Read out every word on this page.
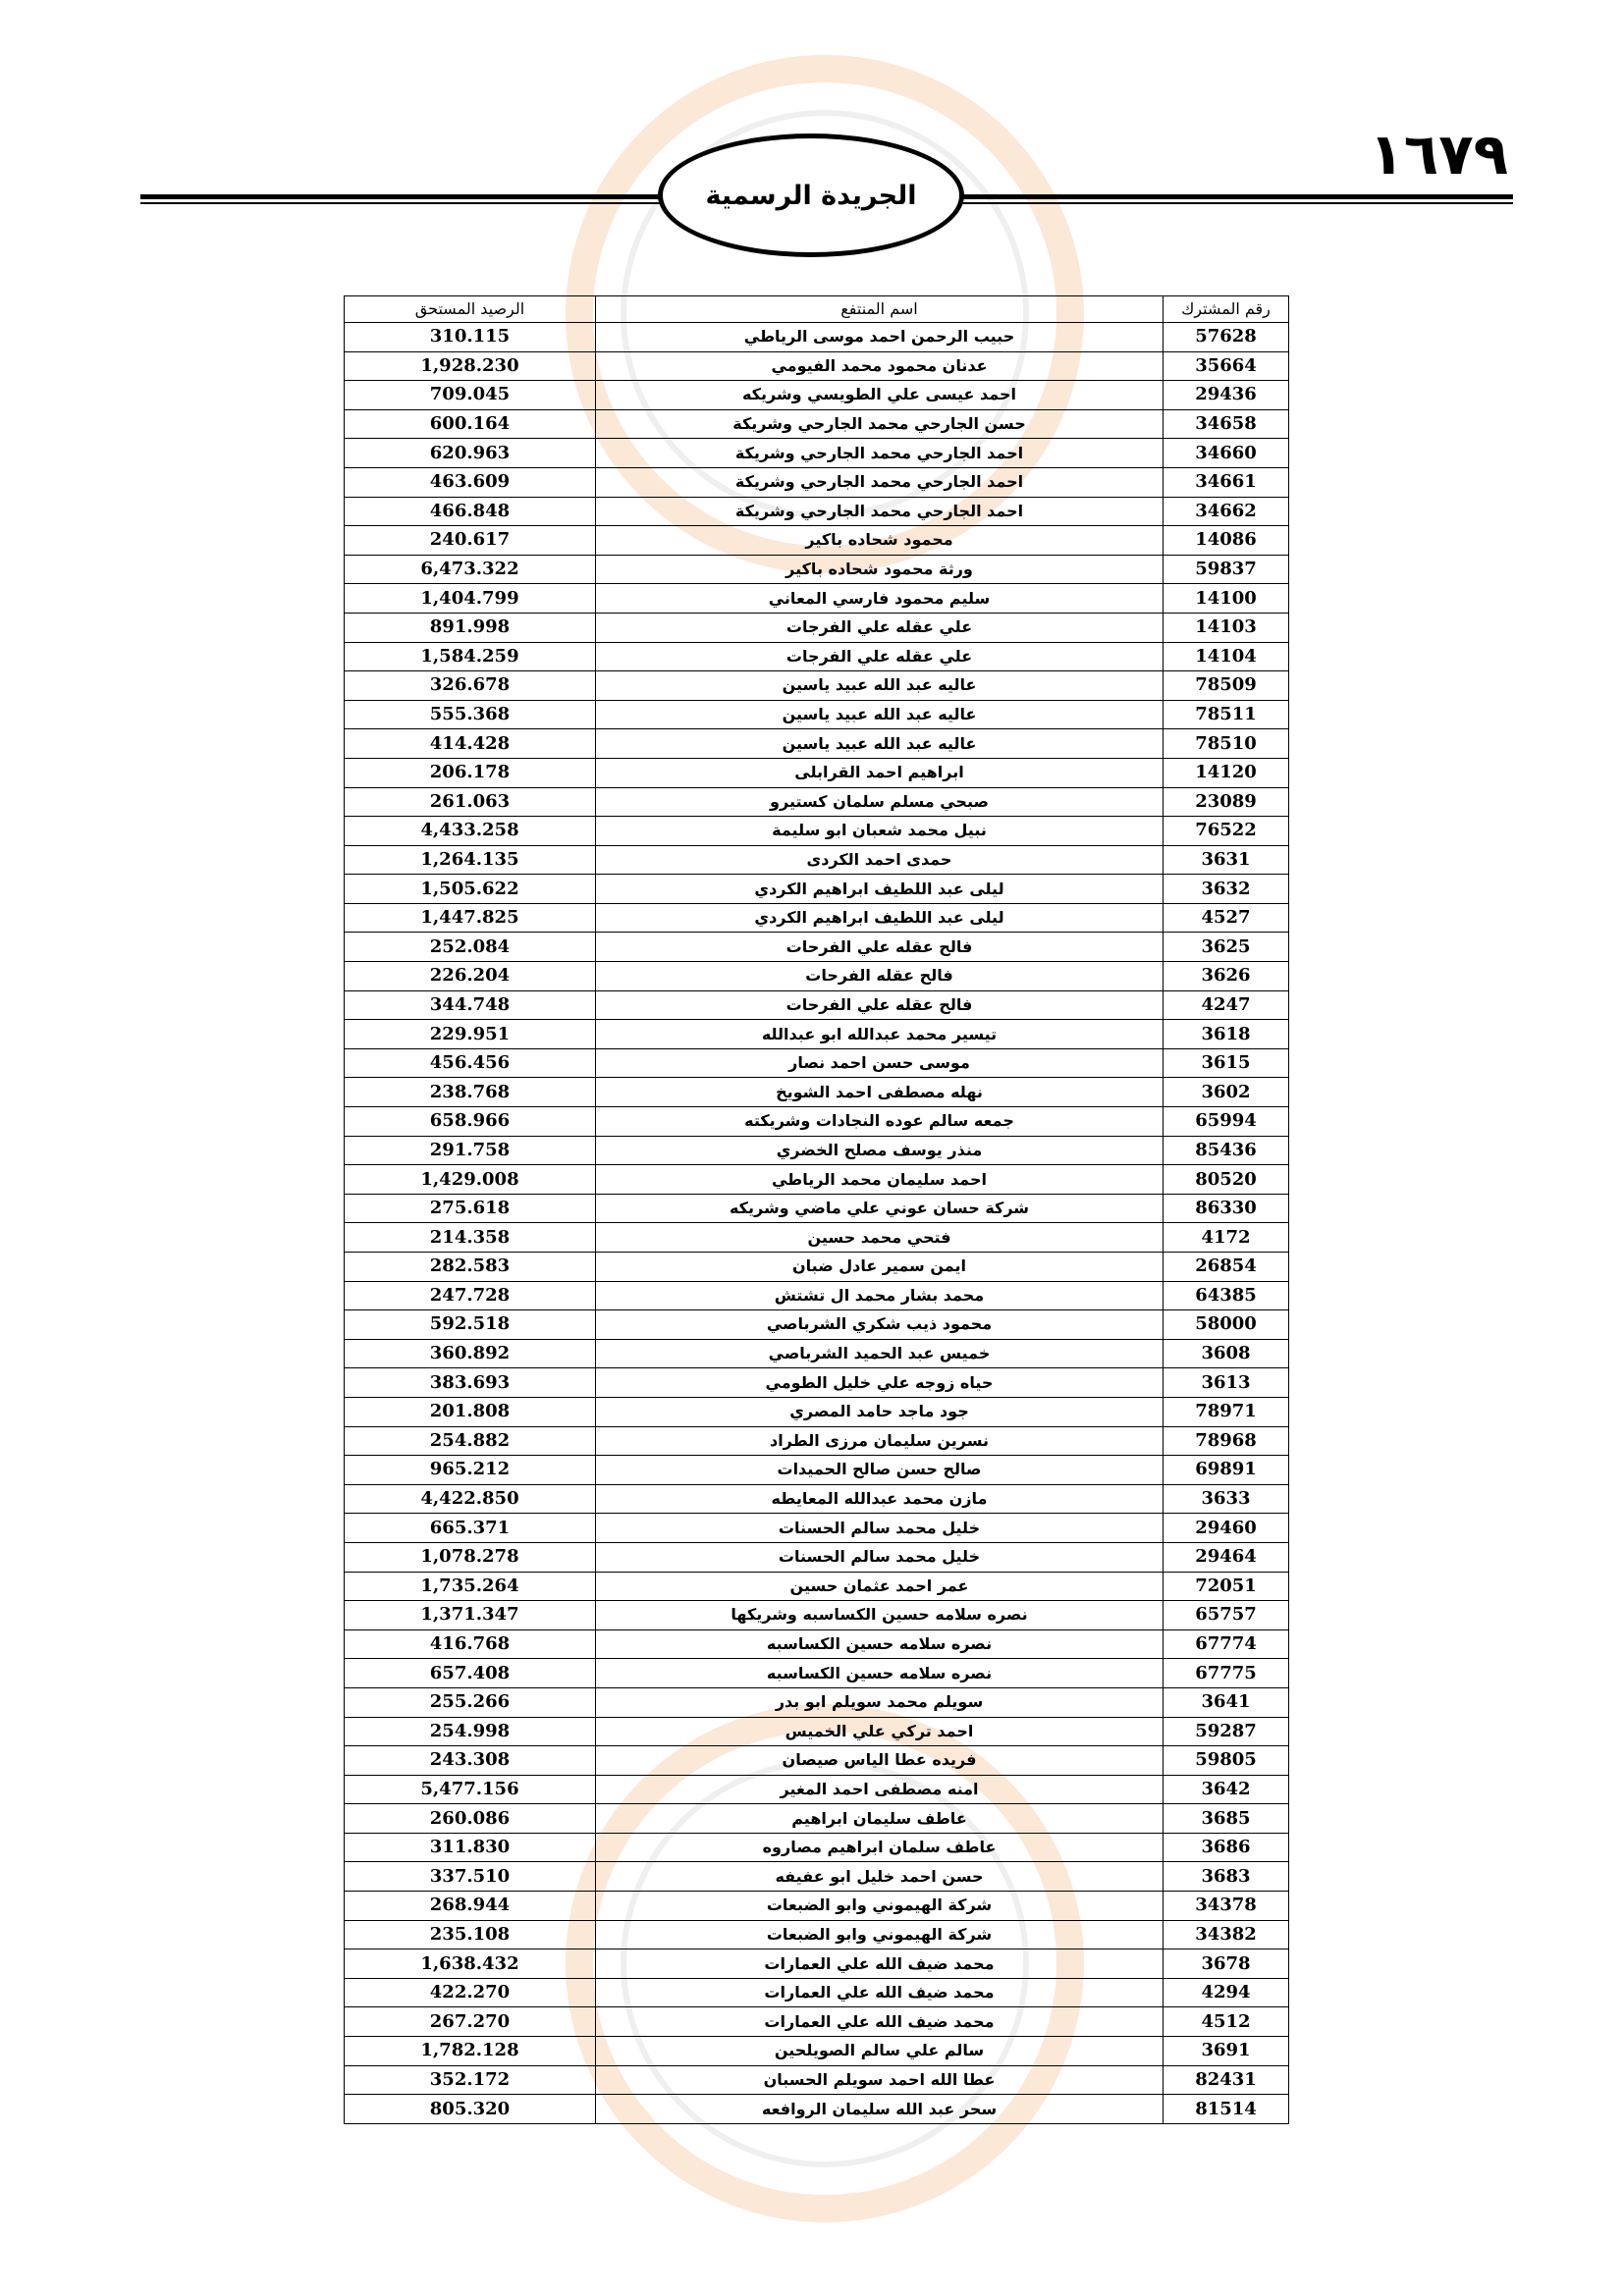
١٦٧٩
الجريدة الرسمية
رقم المشترك	اسم المنتفع	الرصيد المستحق
57628	حبيب الرحمن احمد موسى الرياطي	310.115
35664	عدنان محمود محمد الفيومي	1,928.230
29436	احمد عيسى علي الطويسي وشريكه	709.045
34658	حسن الجارحي محمد الجارحي وشريكة	600.164
34660	احمد الجارحي محمد الجارحي وشريكة	620.963
34661	احمد الجارحي محمد الجارحي وشريكة	463.609
34662	احمد الجارحي محمد الجارحي وشريكة	466.848
14086	محمود شحاده باكير	240.617
59837	ورثة محمود شحاده باكير	6,473.322
14100	سليم محمود فارسي المعاني	1,404.799
14103	علي عقله علي الفرجات	891.998
14104	علي عقله علي الفرجات	1,584.259
78509	عاليه عبد الله عبيد ياسين	326.678
78511	عاليه عبد الله عبيد ياسين	555.368
78510	عاليه عبد الله عبيد ياسين	414.428
14120	ابراهيم احمد القرابلى	206.178
23089	صبحي مسلم سلمان كستيرو	261.063
76522	نبيل محمد شعبان ابو سليمة	4,433.258
3631	حمدى احمد الكردى	1,264.135
3632	ليلى عبد اللطيف ابراهيم الكردي	1,505.622
4527	ليلى عبد اللطيف ابراهيم الكردي	1,447.825
3625	فالح عقله علي الفرحات	252.084
3626	فالح عقله الفرحات	226.204
4247	فالح عقله علي الفرحات	344.748
3618	تيسير محمد عبدالله ابو عبدالله	229.951
3615	موسى حسن احمد نصار	456.456
3602	نهله مصطفى احمد الشويخ	238.768
65994	جمعه سالم عوده النجادات وشريكته	658.966
85436	منذر يوسف مصلح الخضري	291.758
80520	احمد سليمان محمد الرياطي	1,429.008
86330	شركة حسان عوني علي ماضي وشريكه	275.618
4172	فتحي محمد حسين	214.358
26854	ايمن سمير عادل ضبان	282.583
64385	محمد بشار محمد ال تشتش	247.728
58000	محمود ذيب شكري الشرباصي	592.518
3608	خميس عبد الحميد الشرباصي	360.892
3613	حياه زوجه علي خليل الطومي	383.693
78971	جود ماجد حامد المصري	201.808
78968	نسرين سليمان مرزى الطراد	254.882
69891	صالح حسن صالح الحميدات	965.212
3633	مازن محمد عبدالله المعايطه	4,422.850
29460	خليل محمد سالم الحسنات	665.371
29464	خليل محمد سالم الحسنات	1,078.278
72051	عمر احمد عثمان حسين	1,735.264
65757	نصره سلامه حسين الكساسبه وشريكها	1,371.347
67774	نصره سلامه حسين الكساسبه	416.768
67775	نصره سلامه حسين الكساسبه	657.408
3641	سويلم محمد سويلم ابو بدر	255.266
59287	احمد تركي علي الخميس	254.998
59805	فريده عطا الياس صيصان	243.308
3642	امنه مصطفى احمد المغير	5,477.156
3685	عاطف سليمان ابراهيم	260.086
3686	عاطف سلمان ابراهيم مصاروه	311.830
3683	حسن احمد خليل ابو عفيفه	337.510
34378	شركة الهيموني وابو الضبعات	268.944
34382	شركة الهيموني وابو الضبعات	235.108
3678	محمد ضيف الله علي العمارات	1,638.432
4294	محمد ضيف الله علي العمارات	422.270
4512	محمد ضيف الله علي العمارات	267.270
3691	سالم علي سالم الصويلحين	1,782.128
82431	عطا الله احمد سويلم الحسبان	352.172
81514	سحر عبد الله سليمان الروافعه	805.320
